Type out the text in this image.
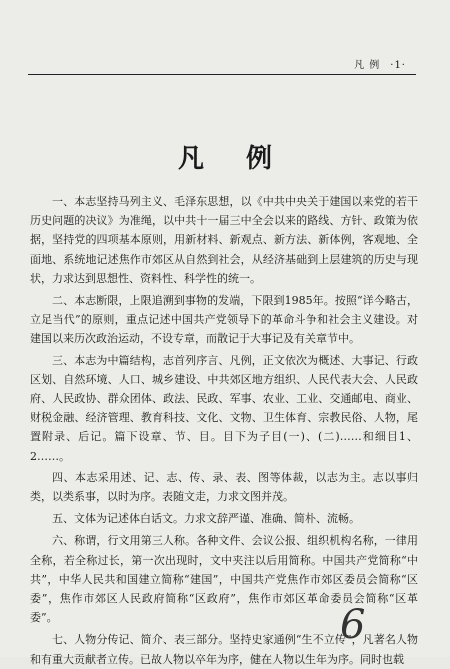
凡 例 ·1·
凡例

一、本志坚持马列主义、毛泽东思想，以《中共中央关于建国以来党的若干历史问题的决议》为准绳，以中共十一届三中全会以来的路线、方针、政策为依据，坚持党的四项基本原则，用新材料、新观点、新方法、新体例，客观地、全面地、系统地记述焦作市郊区从自然到社会，从经济基础到上层建筑的历史与现状，力求达到思想性、资料性、科学性的统一。

二、本志断限，上限追溯到事物的发端，下限到1985年。按照“详今略古，立足当代”的原则，重点记述中国共产党领导下的革命斗争和社会主义建设。对建国以来历次政治运动，不设专章，而散记于大事记及有关章节中。

三、本志为中篇结构，志首列序言、凡例，正文依次为概述、大事记、行政区划、自然环境、人口、城乡建设、中共郊区地方组织、人民代表大会、人民政府、人民政协、群众团体、政法、民政、军事、农业、工业、交通邮电、商业、财税金融、经济管理、教育科技、文化、文物、卫生体育、宗教民俗、人物，尾置附录、后记。篇下设章、节、目。目下为子目(一)、(二)……和细目1、2……。

四、本志采用述、记、志、传、录、表、图等体裁，以志为主。志以事归类，以类系事，以时为序。表随文走，力求文图并茂。

五、文体为记述体白话文。力求文辞严谨、准确、简朴、流畅。

六、称谓，行文用第三人称。各种文件、会议公报、组织机构名称，一律用全称，若全称过长，第一次出现时，文中夹注以后用简称。中国共产党简称“中共”，中华人民共和国建立简称“建国”，中国共产党焦作市郊区委员会简称“区委”，焦作市郊区人民政府简称“区政府”，焦作市郊区革命委员会简称“区革委”。

七、人物分传记、简介、表三部分。坚持史家通例“生不立传”，凡著名人物和有重大贡献者立传。已故人物以卒年为序，健在人物以生年为序。同时也载

6
